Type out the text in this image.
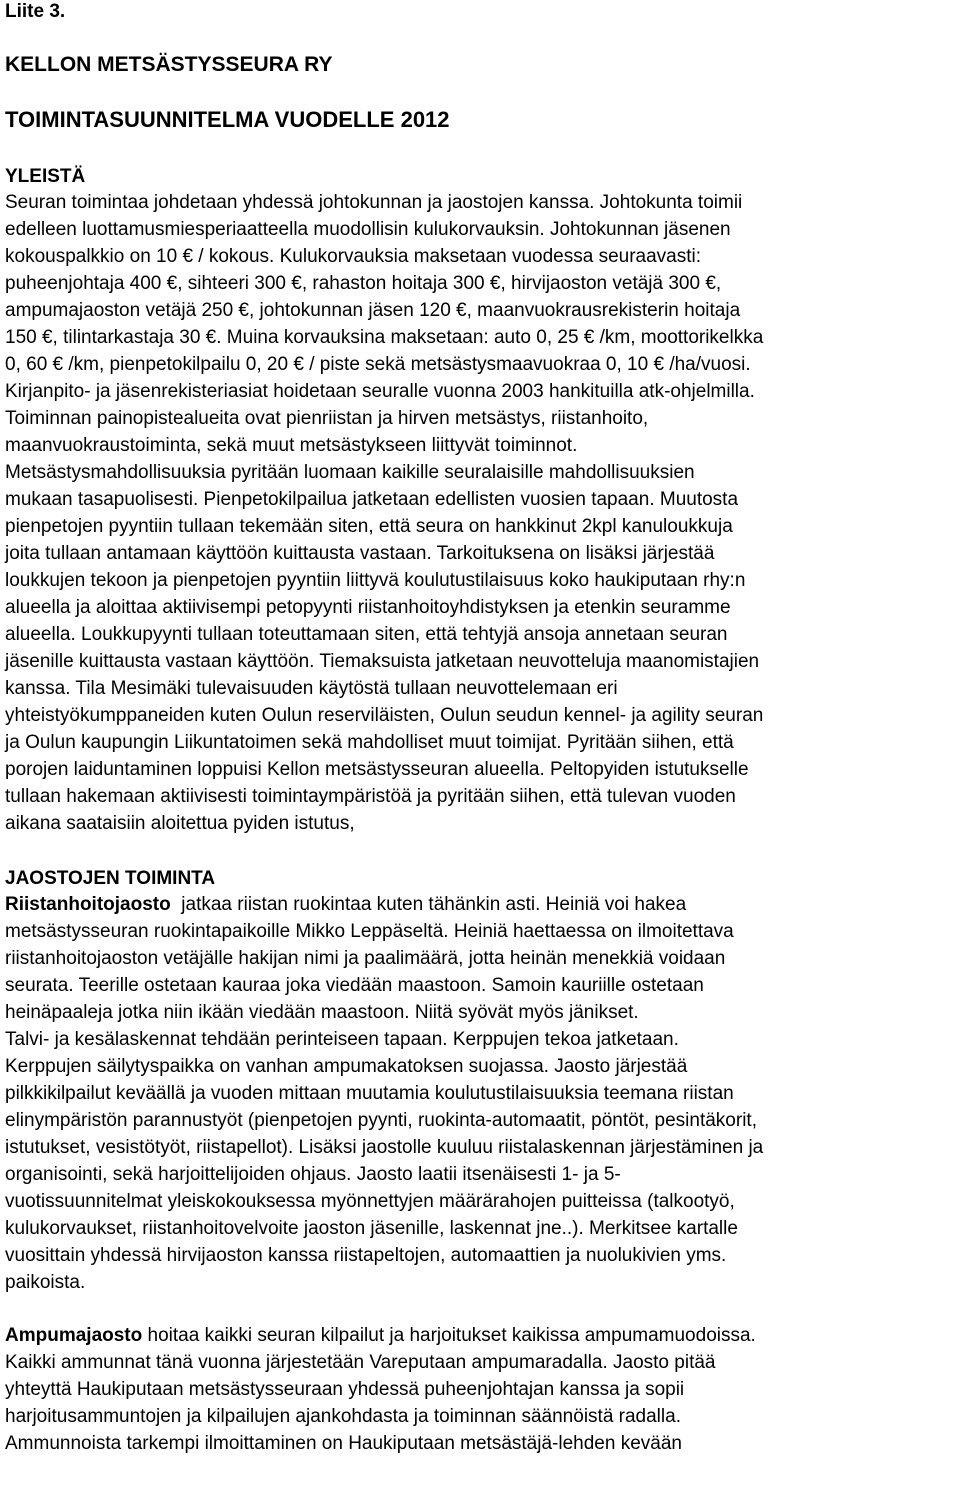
Liite 3.
KELLON METSÄSTYSSEURA RY
TOIMINTASUUNNITELMA VUODELLE 2012
YLEISTÄ
Seuran toimintaa johdetaan yhdessä johtokunnan ja jaostojen kanssa. Johtokunta toimii
edelleen luottamusmiesperiaatteella muodollisin kulukorvauksin. Johtokunnan jäsenen
kokouspalkkio on 10 € / kokous. Kulukorvauksia maksetaan vuodessa seuraavasti:
puheenjohtaja 400 €, sihteeri 300 €, rahaston hoitaja 300 €, hirvijaoston vetäjä 300 €,
ampumajaoston vetäjä 250 €, johtokunnan jäsen 120 €, maanvuokrausrekisterin hoitaja
150 €, tilintarkastaja 30 €. Muina korvauksina maksetaan: auto 0, 25 € /km, moottorikelkka
0, 60 € /km, pienpetokilpailu 0, 20 € / piste sekä metsästysmaavuokraa 0, 10 € /ha/vuosi.
Kirjanpito- ja jäsenrekisteriasiat hoidetaan seuralle vuonna 2003 hankituilla atk-ohjelmilla.
Toiminnan painopistealueita ovat pienriistan ja hirven metsästys, riistanhoito,
maanvuokraustoiminta, sekä muut metsästykseen liittyvät toiminnot.
Metsästysmahdollisuuksia pyritään luomaan kaikille seuralaisille mahdollisuuksien
mukaan tasapuolisesti. Pienpetokilpailua jatketaan edellisten vuosien tapaan. Muutosta
pienpetojen pyyntiin tullaan tekemään siten, että seura on hankkinut 2kpl kanuloukkuja
joita tullaan antamaan käyttöön kuittausta vastaan. Tarkoituksena on lisäksi järjestää
loukkujen tekoon ja pienpetojen pyyntiin liittyvä koulutustilaisuus koko haukiputaan rhy:n
alueella ja aloittaa aktiivisempi petopyynti riistanhoitoyhdistyksen ja etenkin seuramme
alueella. Loukkupyynti tullaan toteuttamaan siten, että tehtyjä ansoja annetaan seuran
jäsenille kuittausta vastaan käyttöön. Tiemaksuista jatketaan neuvotteluja maanomistajien
kanssa. Tila Mesimäki tulevaisuuden käytöstä tullaan neuvottelemaan eri
yhteistyökumppaneiden kuten Oulun reserviläisten, Oulun seudun kennel- ja agility seuran
ja Oulun kaupungin Liikuntatoimen sekä mahdolliset muut toimijat. Pyritään siihen, että
porojen laiduntaminen loppuisi Kellon metsästysseuran alueella. Peltopyiden istutukselle
tullaan hakemaan aktiivisesti toimintaympäristöä ja pyritään siihen, että tulevan vuoden
aikana saataisiin aloitettua pyiden istutus,
JAOSTOJEN TOIMINTA
Riistanhoitojaosto  jatkaa riistan ruokintaa kuten tähänkin asti. Heiniä voi hakea
metsästysseuran ruokintapaikoille Mikko Leppäseltä. Heiniä haettaessa on ilmoitettava
riistanhoitojaoston vetäjälle hakijan nimi ja paalimäärä, jotta heinän menekkiä voidaan
seurata. Teerille ostetaan kauraa joka viedään maastoon. Samoin kauriille ostetaan
heinäpaaleja jotka niin ikään viedään maastoon. Niitä syövät myös jänikset.
Talvi- ja kesälaskennat tehdään perinteiseen tapaan. Kerppujen tekoa jatketaan.
Kerppujen säilytyspaikka on vanhan ampumakatoksen suojassa. Jaosto järjestää
pilkkikilpailut keväällä ja vuoden mittaan muutamia koulutustilaisuuksia teemana riistan
elinympäristön parannustyöt (pienpetojen pyynti, ruokinta-automaatit, pöntöt, pesintäkorit,
istutukset, vesistötyöt, riistapellot). Lisäksi jaostolle kuuluu riistalaskennan järjestäminen ja
organisointi, sekä harjoittelijoiden ohjaus. Jaosto laatii itsenäisesti 1- ja 5-
vuotissuunnitelmat yleiskokouksessa myönnettyjen määrärahojen puitteissa (talkootyö,
kulukorvaukset, riistanhoitovelvoite jaoston jäsenille, laskennat jne..). Merkitsee kartalle
vuosittain yhdessä hirvijaoston kanssa riistapeltojen, automaattien ja nuolukivien yms.
paikoista.
Ampumajaosto hoitaa kaikki seuran kilpailut ja harjoitukset kaikissa ampumamuodoissa.
Kaikki ammunnat tänä vuonna järjestetään Vareputaan ampumaradalla. Jaosto pitää
yhteyttä Haukiputaan metsästysseuraan yhdessä puheenjohtajan kanssa ja sopii
harjoitusammuntojen ja kilpailujen ajankohdasta ja toiminnan säännöistä radalla.
Ammunnoista tarkempi ilmoittaminen on Haukiputaan metsästäjä-lehden kevään
